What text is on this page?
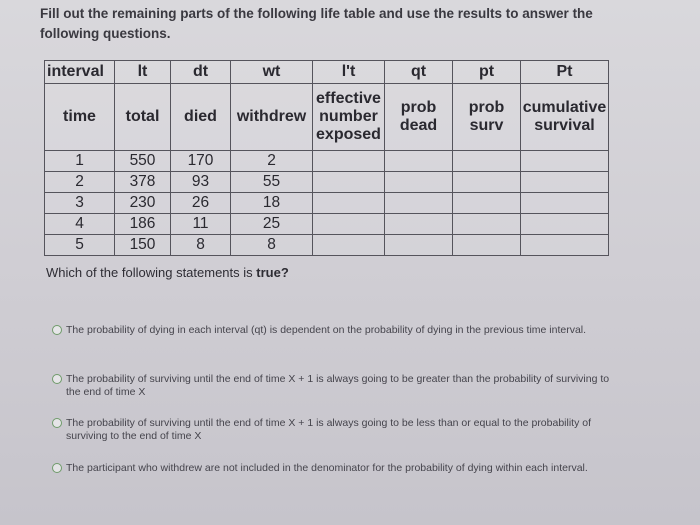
Fill out the remaining parts of the following life table and use the results to answer the following questions.
interval	lt	dt	wt	l't	qt	pt	Pt
time	total	died	withdrew	effective number exposed	prob dead	prob surv	cumulative survival
1	550	170	2				
2	378	93	55				
3	230	26	18				
4	186	11	25				
5	150	8	8				
Which of the following statements is true?
The probability of dying in each interval (qt) is dependent on the probability of dying in the previous time interval.
The probability of surviving until the end of time X + 1 is always going to be greater than the probability of surviving to the end of time X
The probability of surviving until the end of time X + 1 is always going to be less than or equal to the probability of surviving to the end of time X
The participant who withdrew are not included in the denominator for the probability of dying within each interval.
